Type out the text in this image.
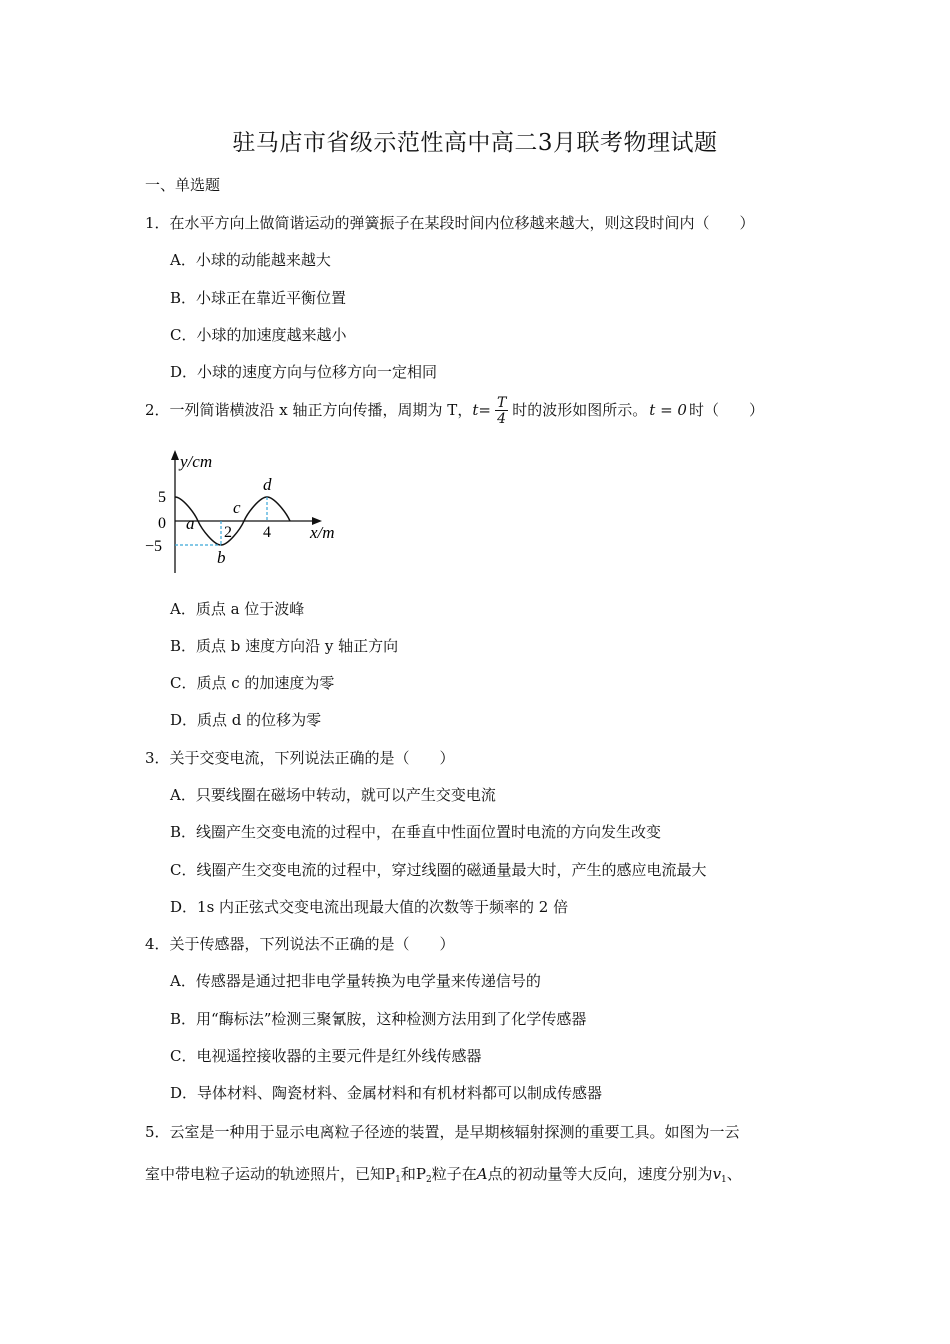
驻马店市省级示范性高中高二3月联考物理试题
一、单选题
1．在水平方向上做简谐运动的弹簧振子在某段时间内位移越来越大，则这段时间内（　　）
A．小球的动能越来越大
B．小球正在靠近平衡位置
C．小球的加速度越来越小
D．小球的速度方向与位移方向一定相同
2．一列简谐横波沿 x 轴正方向传播，周期为 T，$t= \frac{T}{4}$ 时的波形如图所示。 t = 0 时（　　）
y/cm
x/m
5
0
−5
2 4
a
b
c
d
A．质点 a 位于波峰
B．质点 b 速度方向沿 y 轴正方向
C．质点 c 的加速度为零
D．质点 d 的位移为零
3．关于交变电流，下列说法正确的是（　　）
A．只要线圈在磁场中转动，就可以产生交变电流
B．线圈产生交变电流的过程中，在垂直中性面位置时电流的方向发生改变
C．线圈产生交变电流的过程中，穿过线圈的磁通量最大时，产生的感应电流最大
D．1s 内正弦式交变电流出现最大值的次数等于频率的 2 倍
4．关于传感器，下列说法不正确的是（　　）
A．传感器是通过把非电学量转换为电学量来传递信号的
B．用“酶标法”检测三聚氰胺，这种检测方法用到了化学传感器
C．电视遥控接收器的主要元件是红外线传感器
D．导体材料、陶瓷材料、金属材料和有机材料都可以制成传感器
5．云室是一种用于显示电离粒子径迹的装置，是早期核辐射探测的重要工具。如图为一云
室中带电粒子运动的轨迹照片，已知$P_1$和$P_2$粒子在A点的初动量等大反向，速度分别为$v_1$、
